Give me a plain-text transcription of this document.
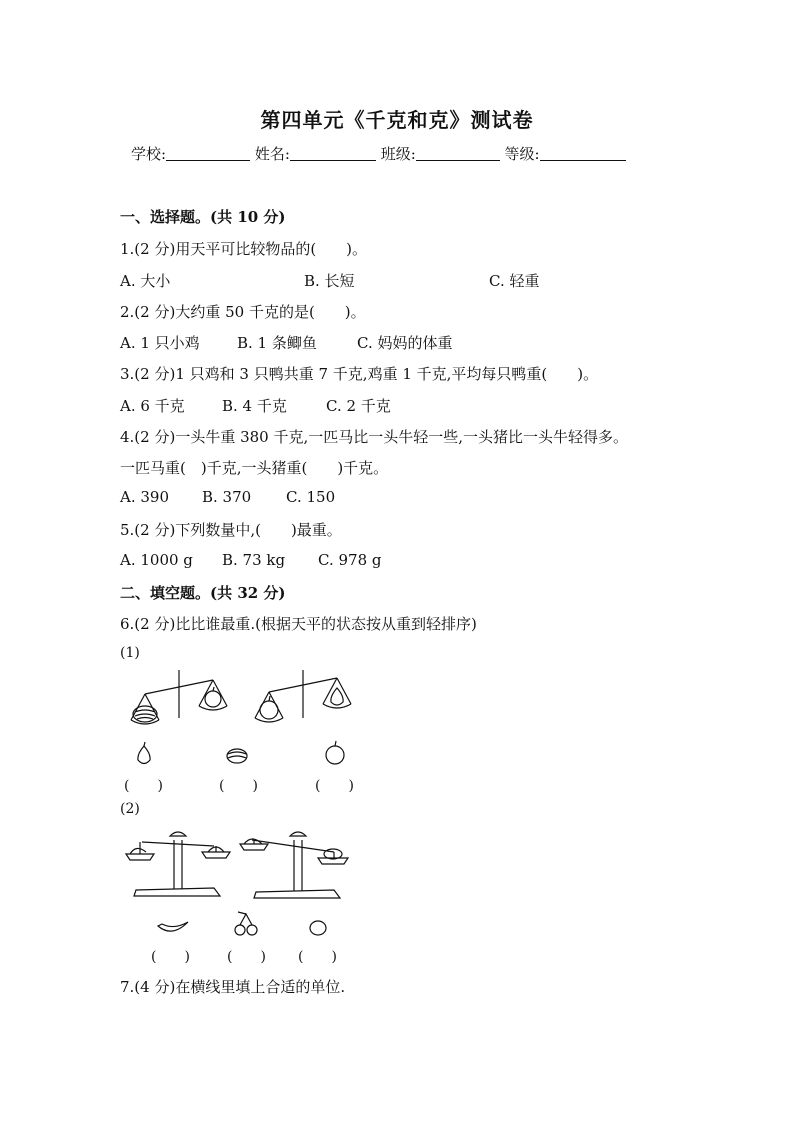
第四单元《千克和克》测试卷
学校:	姓名:	班级:	等级:
一、选择题。(共 10 分)
1.(2 分)用天平可比较物品的(　　)。
A. 大小	B. 长短	C. 轻重
2.(2 分)大约重 50 千克的是(　　)。
A. 1 只小鸡 B. 1 条鲫鱼	C. 妈妈的体重
3.(2 分)1 只鸡和 3 只鸭共重 7 千克,鸡重 1 千克,平均每只鸭重(　　)。
A. 6 千克 B. 4 千克	C. 2 千克
4.(2 分)一头牛重 380 千克,一匹马比一头牛轻一些,一头猪比一头牛轻得多。
一匹马重(　)千克,一头猪重(　　)千克。
A. 390 B. 370 C. 150
5.(2 分)下列数量中,(　　)最重。
A. 1000 g B. 73 kg C. 978 g
二、填空题。(共 32 分)
6.(2 分)比比谁最重.(根据天平的状态按从重到轻排序)
(1)
(　　)	(　　)	(　　)
(2)
(　　)	(　　) (　　)
7.(4 分)在横线里填上合适的单位.
